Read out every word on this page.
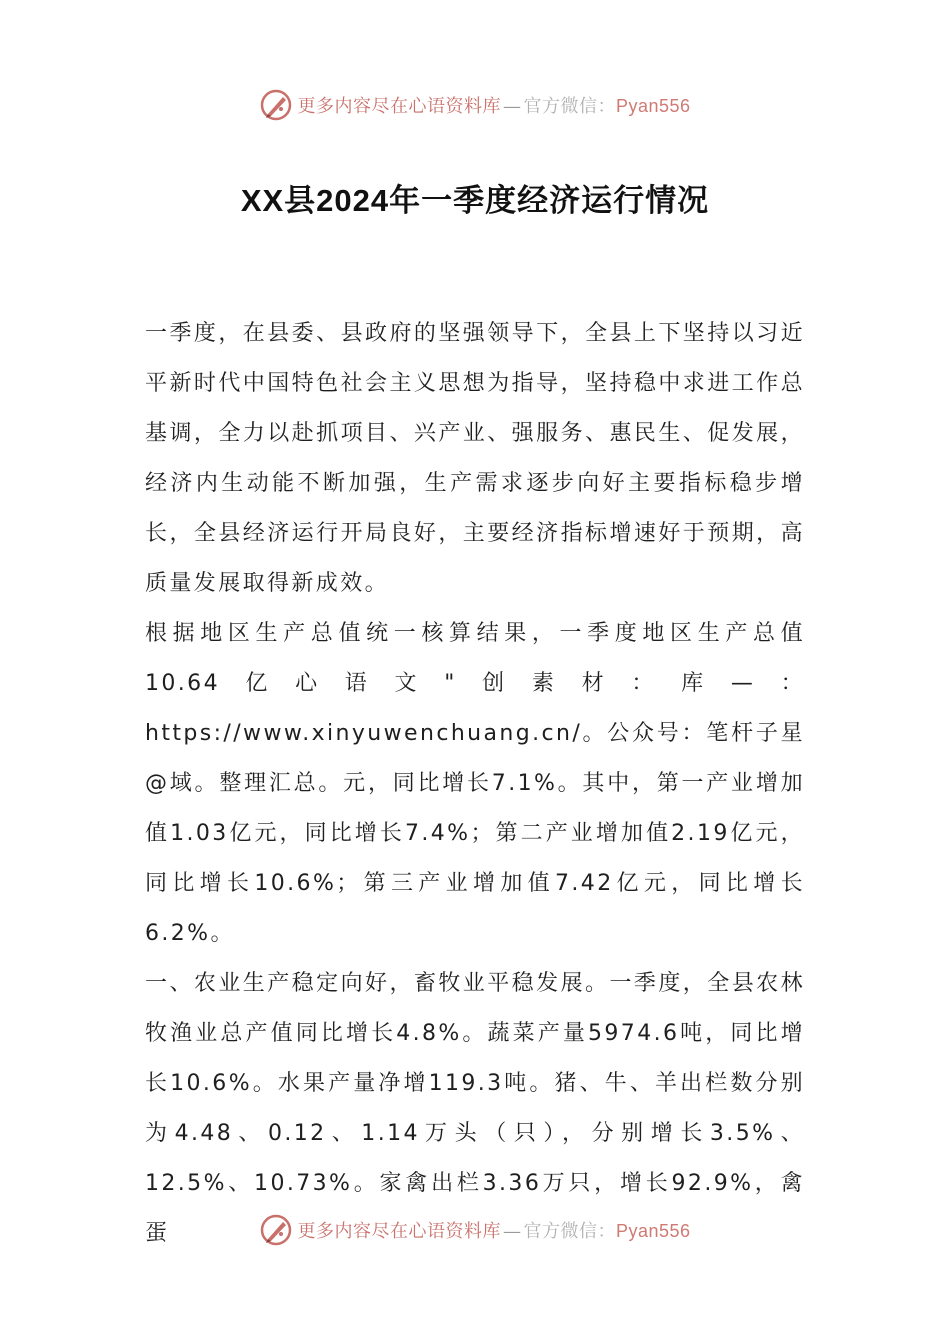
更多内容尽在心语资料库 — 官方微信：Pyan556
XX县2024年一季度经济运行情况

一季度，在县委、县政府的坚强领导下，全县上下坚持以习近平新时代中国特色社会主义思想为指导，坚持稳中求进工作总基调，全力以赴抓项目、兴产业、强服务、惠民生、促发展，经济内生动能不断加强，生产需求逐步向好主要指标稳步增长，全县经济运行开局良好，主要经济指标增速好于预期，高质量发展取得新成效。

根据地区生产总值统一核算结果，一季度地区生产总值10.64亿心语文"创素材：库—：https://www.xinyuwenchuang.cn/。公众号：笔杆子星@域。整理汇总。元，同比增长7.1%。其中，第一产业增加值1.03亿元，同比增长7.4%；第二产业增加值2.19亿元，同比增长10.6%；第三产业增加值7.42亿元，同比增长6.2%。

一、农业生产稳定向好，畜牧业平稳发展。一季度，全县农林牧渔业总产值同比增长4.8%。蔬菜产量5974.6吨，同比增长10.6%。水果产量净增119.3吨。猪、牛、羊出栏数分别为4.48、0.12、1.14万头（只），分别增长3.5%、12.5%、10.73%。家禽出栏3.36万只，增长92.9%，禽蛋	更多内容尽在心语资料库 — 官方微信：Pyan556
